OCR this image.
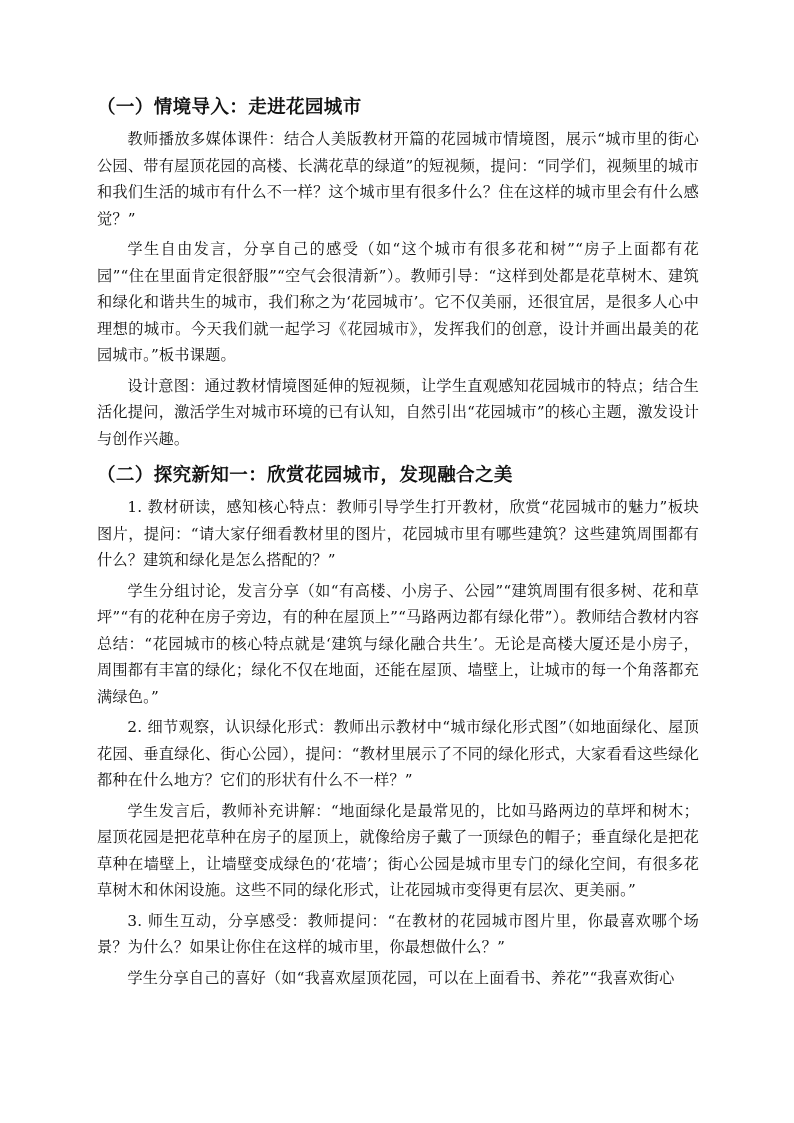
（一）情境导入：走进花园城市

教师播放多媒体课件：结合人美版教材开篇的花园城市情境图，展示“城市里的街心公园、带有屋顶花园的高楼、长满花草的绿道”的短视频，提问：“同学们，视频里的城市和我们生活的城市有什么不一样？这个城市里有很多什么？住在这样的城市里会有什么感觉？”

学生自由发言，分享自己的感受（如“这个城市有很多花和树”“房子上面都有花园”“住在里面肯定很舒服”“空气会很清新”）。教师引导：“这样到处都是花草树木、建筑和绿化和谐共生的城市，我们称之为‘花园城市’。它不仅美丽，还很宜居，是很多人心中理想的城市。今天我们就一起学习《花园城市》，发挥我们的创意，设计并画出最美的花园城市。”板书课题。

设计意图：通过教材情境图延伸的短视频，让学生直观感知花园城市的特点；结合生活化提问，激活学生对城市环境的已有认知，自然引出“花园城市”的核心主题，激发设计与创作兴趣。

（二）探究新知一：欣赏花园城市，发现融合之美

1. 教材研读，感知核心特点：教师引导学生打开教材，欣赏“花园城市的魅力”板块图片，提问：“请大家仔细看教材里的图片，花园城市里有哪些建筑？这些建筑周围都有什么？建筑和绿化是怎么搭配的？”

学生分组讨论，发言分享（如“有高楼、小房子、公园”“建筑周围有很多树、花和草坪”“有的花种在房子旁边，有的种在屋顶上”“马路两边都有绿化带”）。教师结合教材内容总结：“花园城市的核心特点就是‘建筑与绿化融合共生’。无论是高楼大厦还是小房子，周围都有丰富的绿化；绿化不仅在地面，还能在屋顶、墙壁上，让城市的每一个角落都充满绿色。”

2. 细节观察，认识绿化形式：教师出示教材中“城市绿化形式图”（如地面绿化、屋顶花园、垂直绿化、街心公园），提问：“教材里展示了不同的绿化形式，大家看看这些绿化都种在什么地方？它们的形状有什么不一样？”

学生发言后，教师补充讲解：“地面绿化是最常见的，比如马路两边的草坪和树木；屋顶花园是把花草种在房子的屋顶上，就像给房子戴了一顶绿色的帽子；垂直绿化是把花草种在墙壁上，让墙壁变成绿色的‘花墙’；街心公园是城市里专门的绿化空间，有很多花草树木和休闲设施。这些不同的绿化形式，让花园城市变得更有层次、更美丽。”

3. 师生互动，分享感受：教师提问：“在教材的花园城市图片里，你最喜欢哪个场景？为什么？如果让你住在这样的城市里，你最想做什么？”

学生分享自己的喜好（如“我喜欢屋顶花园，可以在上面看书、养花”“我喜欢街心
